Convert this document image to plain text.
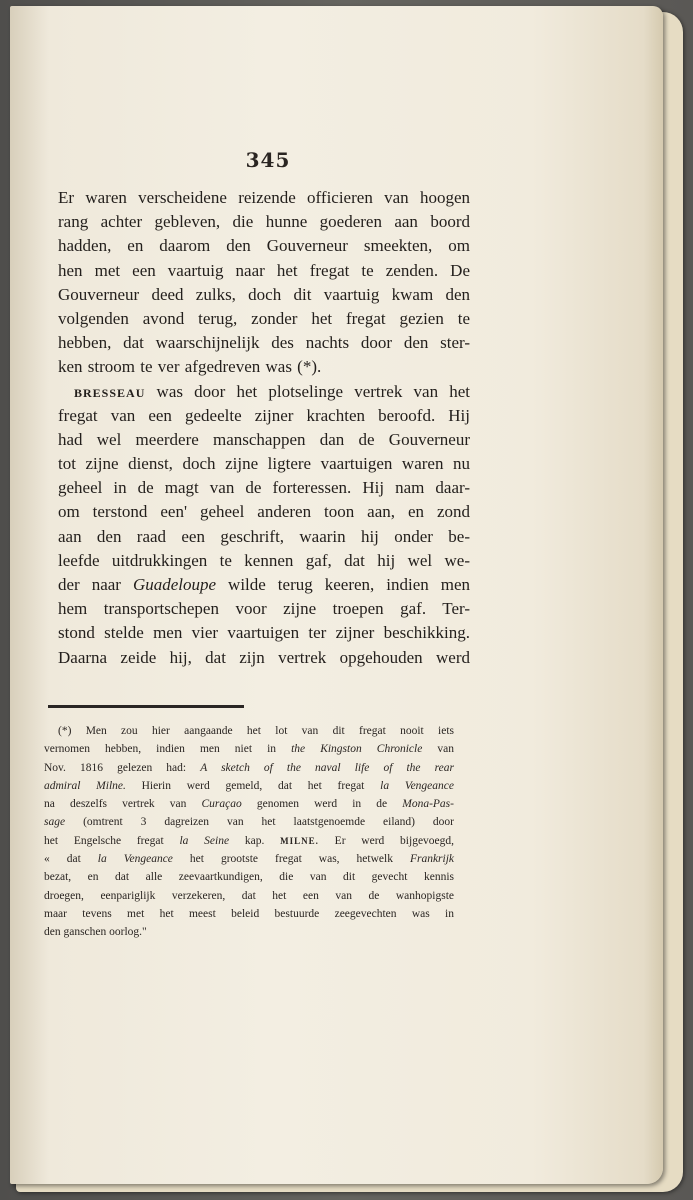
345
Er waren verscheidene reizende officieren van hoogen
rang achter gebleven, die hunne goederen aan boord
hadden, en daarom den Gouverneur smeekten, om
hen met een vaartuig naar het fregat te zenden. De
Gouverneur deed zulks, doch dit vaartuig kwam den
volgenden avond terug, zonder het fregat gezien te
hebben, dat waarschijnelijk des nachts door den ster-
ken stroom te ver afgedreven was (*).
BRESSEAU was door het plotselinge vertrek van het
fregat van een gedeelte zijner krachten beroofd. Hij
had wel meerdere manschappen dan de Gouverneur
tot zijne dienst, doch zijne ligtere vaartuigen waren nu
geheel in de magt van de forteressen. Hij nam daar-
om terstond een' geheel anderen toon aan, en zond
aan den raad een geschrift, waarin hij onder be-
leefde uitdrukkingen te kennen gaf, dat hij wel we-
der naar Guadeloupe wilde terug keeren, indien men
hem transportschepen voor zijne troepen gaf. Ter-
stond stelde men vier vaartuigen ter zijner beschikking.
Daarna zeide hij, dat zijn vertrek opgehouden werd
(*) Men zou hier aangaande het lot van dit fregat nooit iets
vernomen hebben, indien men niet in the Kingston Chronicle van
Nov. 1816 gelezen had: A sketch of the naval life of the rear
admiral Milne. Hierin werd gemeld, dat het fregat la Vengeance
na deszelfs vertrek van Curaçao genomen werd in de Mona-Pas-
sage (omtrent 3 dagreizen van het laatstgenoemde eiland) door
het Engelsche fregat la Seine kap. MILNE. Er werd bijgevoegd,
« dat la Vengeance het grootste fregat was, hetwelk Frankrijk
bezat, en dat alle zeevaartkundigen, die van dit gevecht kennis
droegen, eenpariglijk verzekeren, dat het een van de wanhopigste
maar tevens met het meest beleid bestuurde zeegevechten was in
den ganschen oorlog."
